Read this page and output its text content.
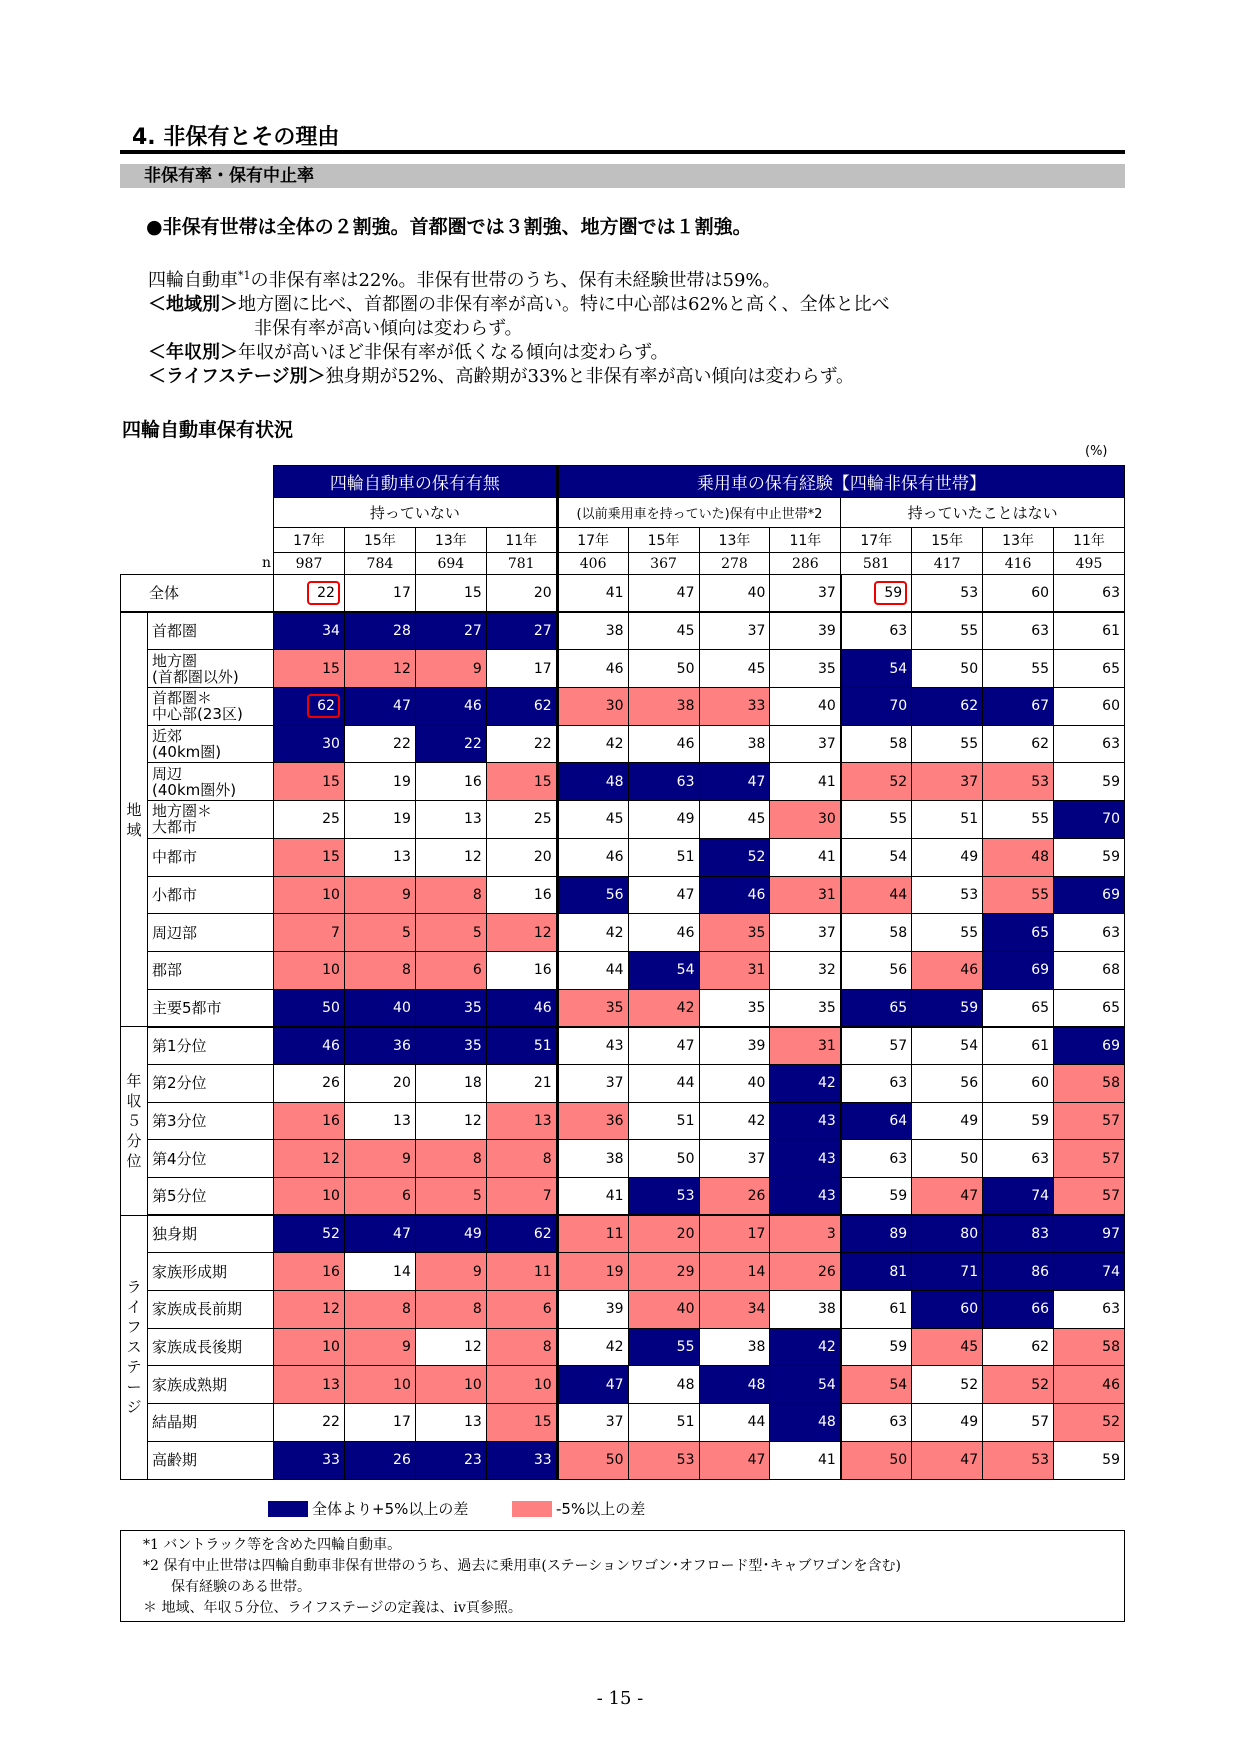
4. 非保有とその理由
非保有率・保有中止率
●非保有世帯は全体の２割強。首都圏では３割強、地方圏では１割強。
四輪自動車$^{*1}$の非保有率は22%。非保有世帯のうち、保有未経験世帯は59%。
＜地域別＞地方圏に比べ、首都圏の非保有率が高い。特に中心部は62%と高く、全体と比べ
非保有率が高い傾向は変わらず。
＜年収別＞年収が高いほど非保有率が低くなる傾向は変わらず。
＜ライフステージ別＞独身期が52%、高齢期が33%と非保有率が高い傾向は変わらず。
四輪自動車保有状況
(%)
		四輪自動車の保有有無				乗用車の保有経験【四輪非保有世帯】							
		持っていない				(以前乗用車を持っていた)保有中止世帯*2				持っていたことはない			
		17年	15年	13年	11年	17年	15年	13年	11年	17年	15年	13年	11年
n		987	784	694	781	406	367	278	286	581	417	416	495
全体		22	17	15	20	41	47	40	37	59	53	60	63

地域	首都圏	34	28	27	27	38	45	37	39	63	55	63	61
	地方圏
(首都圏以外)	15	12	9	17	46	50	45	35	54	50	55	65
	首都圏＊
中心部(23区)	62	47	46	62	30	38	33	40	70	62	67	60
	近郊
(40km圏)	30	22	22	22	42	46	38	37	58	55	62	63
	周辺
(40km圏外)	15	19	16	15	48	63	47	41	52	37	53	59
	地方圏＊
大都市	25	19	13	25	45	49	45	30	55	51	55	70
	中都市	15	13	12	20	46	51	52	41	54	49	48	59
	小都市	10	9	8	16	56	47	46	31	44	53	55	69
	周辺部	7	5	5	12	42	46	35	37	58	55	65	63
	郡部	10	8	6	16	44	54	31	32	56	46	69	68
	主要5都市	50	40	35	46	35	42	35	35	65	59	65	65

年収５分位	第1分位	46	36	35	51	43	47	39	31	57	54	61	69
	第2分位	26	20	18	21	37	44	40	42	63	56	60	58
	第3分位	16	13	12	13	36	51	42	43	64	49	59	57
	第4分位	12	9	8	8	38	50	37	43	63	50	63	57
	第5分位	10	6	5	7	41	53	26	43	59	47	74	57

ライフステージ	独身期	52	47	49	62	11	20	17	3	89	80	83	97
	家族形成期	16	14	9	11	19	29	14	26	81	71	86	74
	家族成長前期	12	8	8	6	39	40	34	38	61	60	66	63
	家族成長後期	10	9	12	8	42	55	38	42	59	45	62	58
	家族成熟期	13	10	10	10	47	48	48	54	54	52	52	46
	結晶期	22	17	13	15	37	51	44	48	63	49	57	52
	高齢期	33	26	23	33	50	53	47	41	50	47	53	59
全体より+5%以上の差	-5%以上の差
*1 バントラック等を含めた四輪自動車。
*2 保有中止世帯は四輪自動車非保有世帯のうち、過去に乗用車(ステーションワゴン･オフロード型･キャブワゴンを含む)
保有経験のある世帯。
＊ 地域、年収５分位、ライフステージの定義は、ⅳ頁参照。
- 15 -
